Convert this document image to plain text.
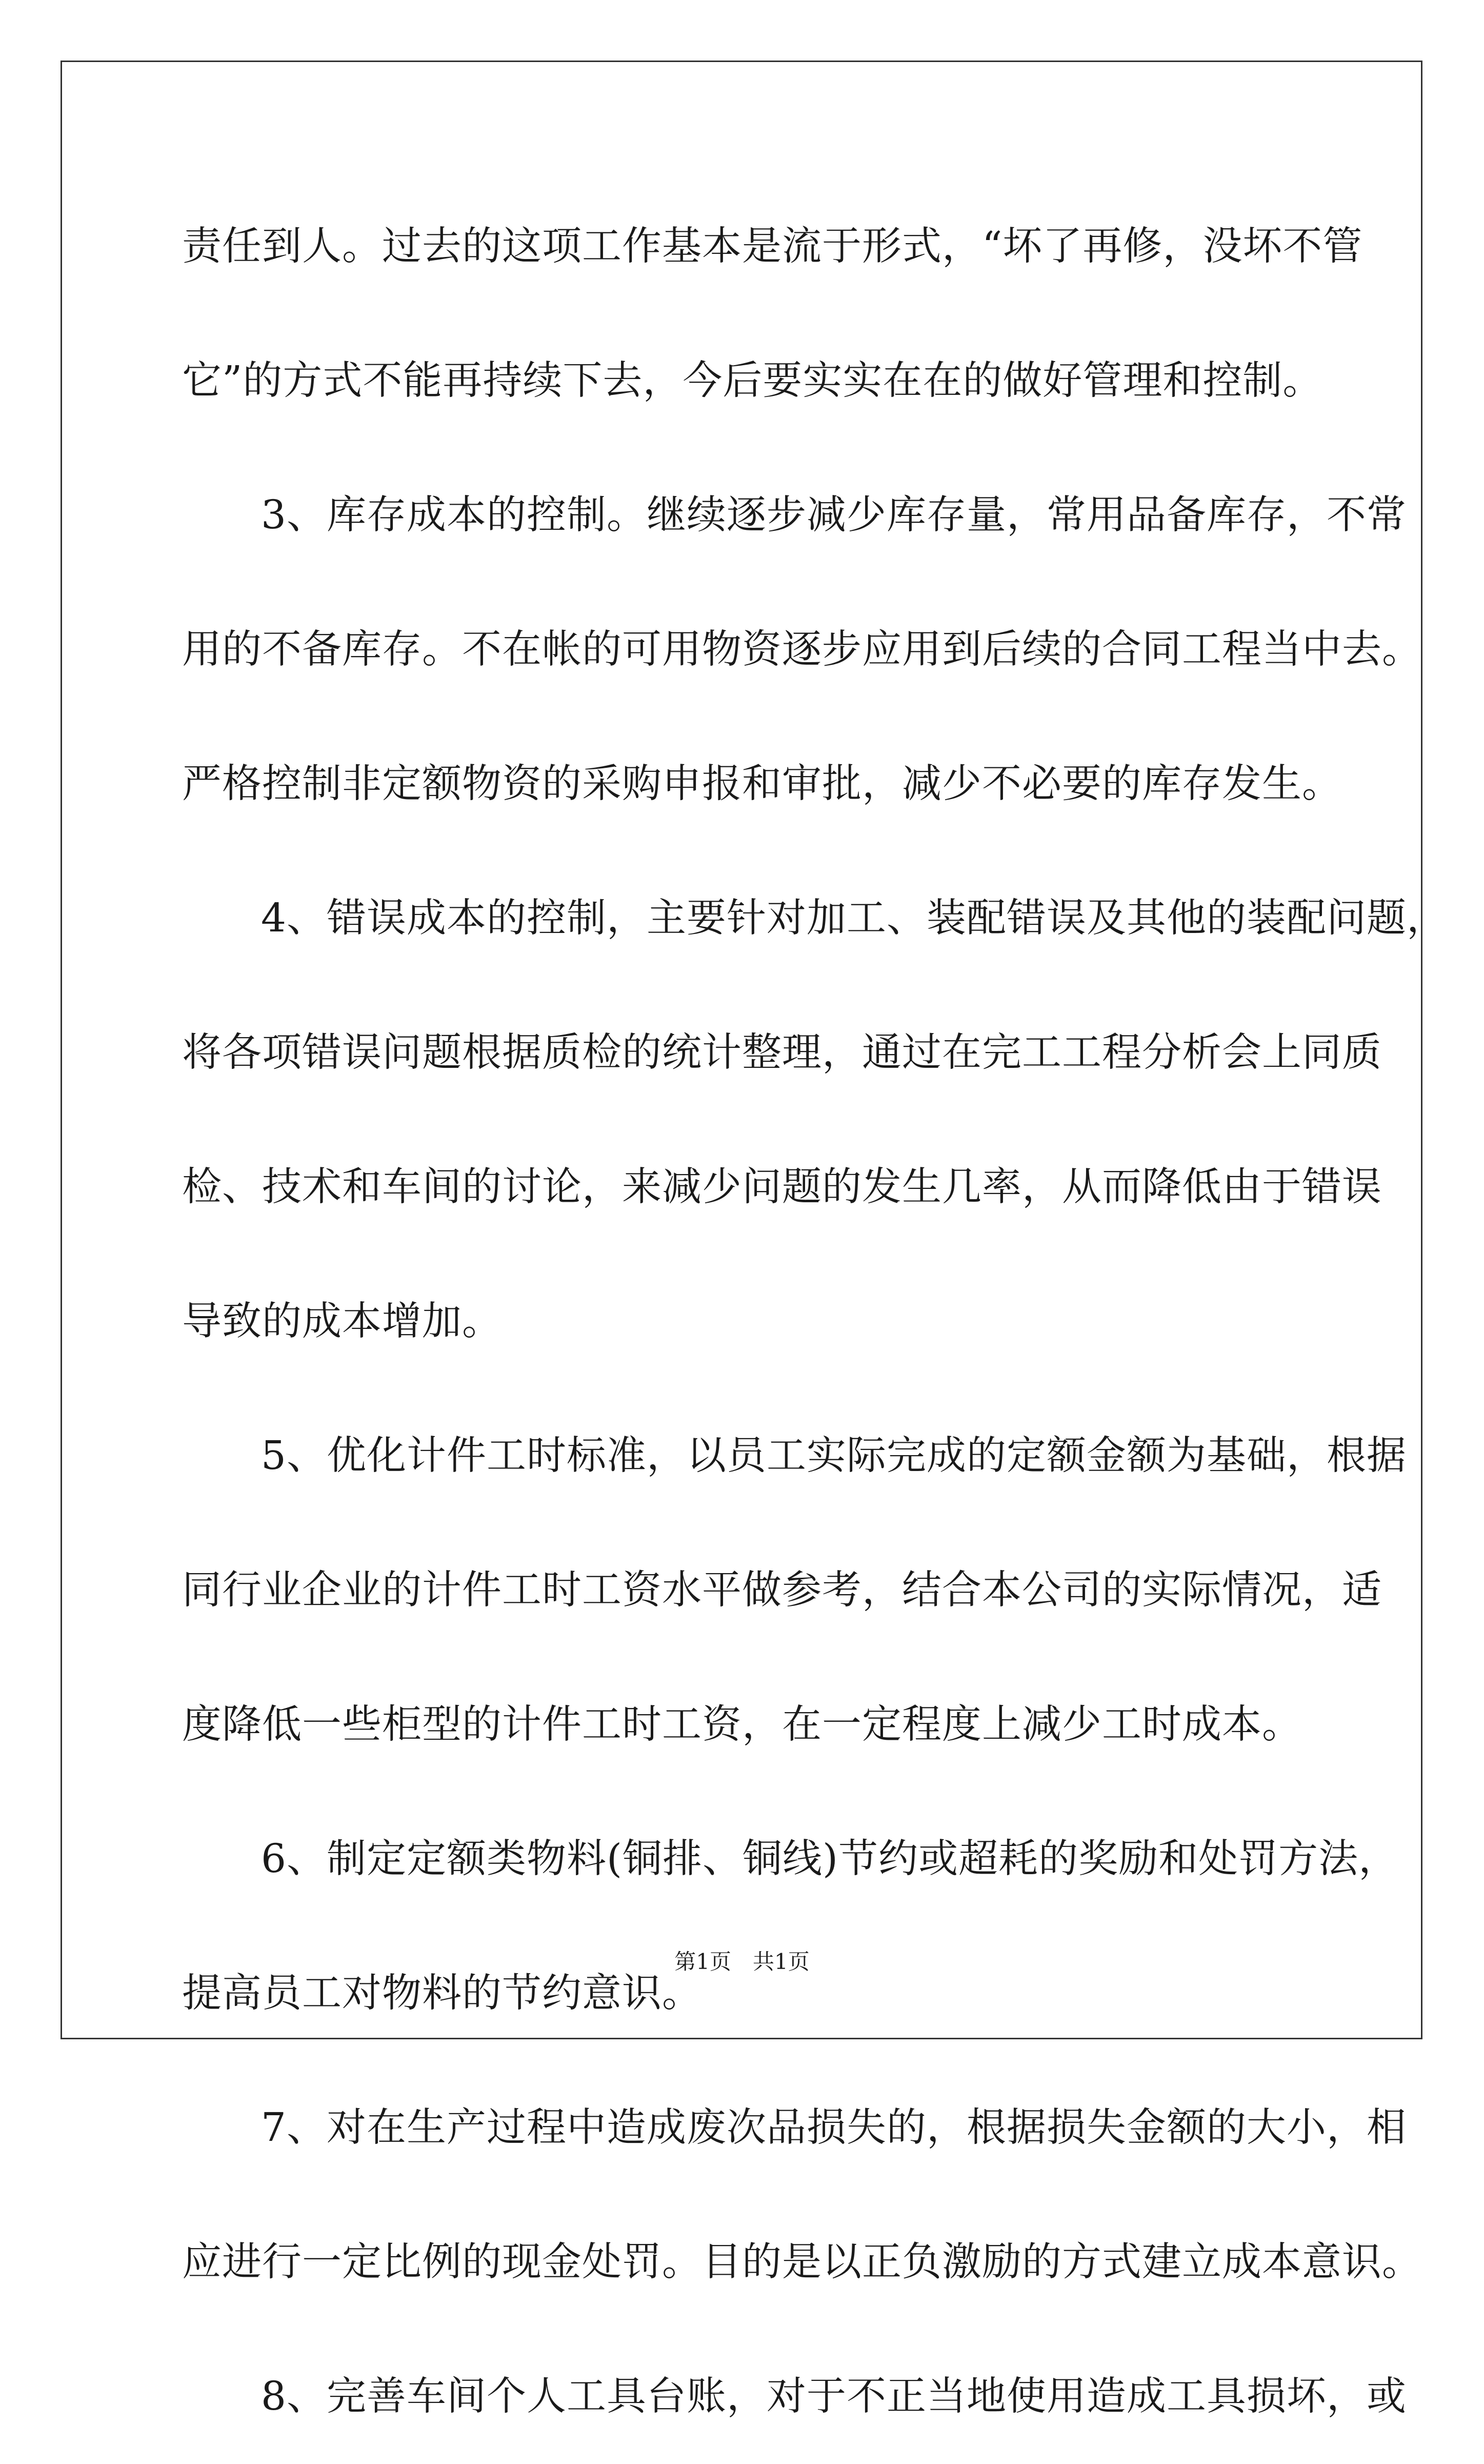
责任到人。过去的这项工作基本是流于形式，“坏了再修，没坏不管
它”的方式不能再持续下去，今后要实实在在的做好管理和控制。
3、库存成本的控制。继续逐步减少库存量，常用品备库存，不常
用的不备库存。不在帐的可用物资逐步应用到后续的合同工程当中去。
严格控制非定额物资的采购申报和审批，减少不必要的库存发生。
4、错误成本的控制，主要针对加工、装配错误及其他的装配问题，
将各项错误问题根据质检的统计整理，通过在完工工程分析会上同质
检、技术和车间的讨论，来减少问题的发生几率，从而降低由于错误
导致的成本增加。
5、优化计件工时标准，以员工实际完成的定额金额为基础，根据
同行业企业的计件工时工资水平做参考，结合本公司的实际情况，适
度降低一些柜型的计件工时工资，在一定程度上减少工时成本。
6、制定定额类物料(铜排、铜线)节约或超耗的奖励和处罚方法，
提高员工对物料的节约意识。
7、对在生产过程中造成废次品损失的，根据损失金额的大小，相
应进行一定比例的现金处罚。目的是以正负激励的方式建立成本意识。
8、完善车间个人工具台账，对于不正当地使用造成工具损坏，或
第1页　共1页
